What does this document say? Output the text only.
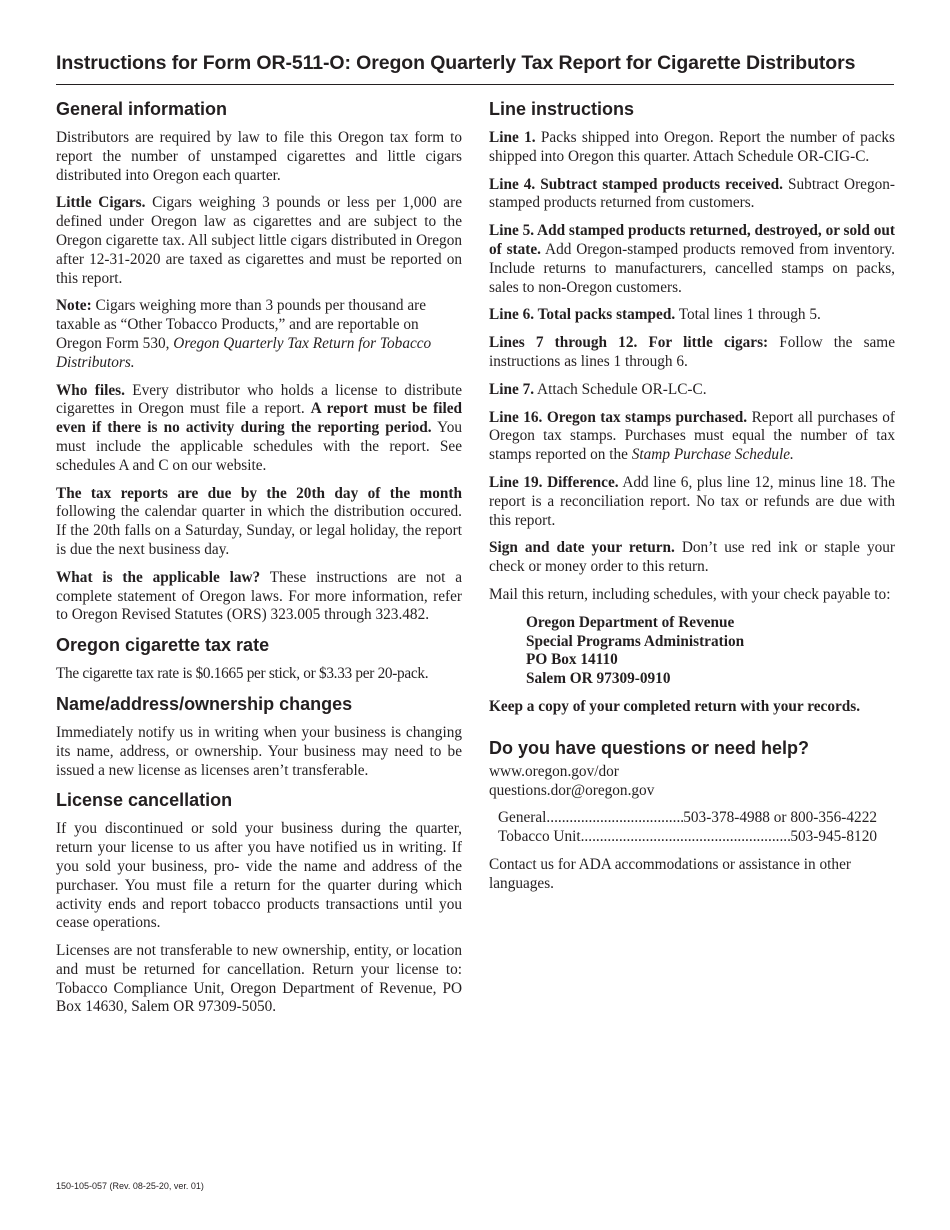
Instructions for Form OR-511-O: Oregon Quarterly Tax Report for Cigarette Distributors
General information

Distributors are required by law to file this Oregon tax form to report the number of unstamped cigarettes and little cigars distributed into Oregon each quarter.

Little Cigars. Cigars weighing 3 pounds or less per 1,000 are defined under Oregon law as cigarettes and are subject to the Oregon cigarette tax. All subject little cigars distributed in Oregon after 12-31-2020 are taxed as cigarettes and must be reported on this report.

Note: Cigars weighing more than 3 pounds per thousand are taxable as “Other Tobacco Products,” and are reportable on Oregon Form 530, Oregon Quarterly Tax Return for Tobacco Distributors.

Who files. Every distributor who holds a license to distribute cigarettes in Oregon must file a report. A report must be filed even if there is no activity during the reporting period. You must include the applicable schedules with the report. See schedules A and C on our website.

The tax reports are due by the 20th day of the month following the calendar quarter in which the distribution occured. If the 20th falls on a Saturday, Sunday, or legal holiday, the report is due the next business day.

What is the applicable law? These instructions are not a complete statement of Oregon laws. For more information, refer to Oregon Revised Statutes (ORS) 323.005 through 323.482.

Oregon cigarette tax rate

The cigarette tax rate is $0.1665 per stick, or $3.33 per 20-pack.

Name/address/ownership changes

Immediately notify us in writing when your business is changing its name, address, or ownership. Your business may need to be issued a new license as licenses aren’t transferable.

License cancellation

If you discontinued or sold your business during the quarter, return your license to us after you have notified us in writing. If you sold your business, pro- vide the name and address of the purchaser. You must file a return for the quarter during which activity ends and report tobacco products transactions until you cease operations.

Licenses are not transferable to new ownership, entity, or location and must be returned for cancellation. Return your license to: Tobacco Compliance Unit, Oregon Department of Revenue, PO Box 14630, Salem OR 97309-5050.

Line instructions

Line 1. Packs shipped into Oregon. Report the number of packs shipped into Oregon this quarter. Attach Schedule OR-CIG-C.

Line 4. Subtract stamped products received. Subtract Oregon-stamped products returned from customers.

Line 5. Add stamped products returned, destroyed, or sold out of state. Add Oregon-stamped products removed from inventory. Include returns to manufacturers, cancelled stamps on packs, sales to non-Oregon customers.

Line 6. Total packs stamped. Total lines 1 through 5.

Lines 7 through 12. For little cigars: Follow the same instructions as lines 1 through 6.

Line 7. Attach Schedule OR-LC-C.

Line 16. Oregon tax stamps purchased. Report all purchases of Oregon tax stamps. Purchases must equal the number of tax stamps reported on the Stamp Purchase Schedule.

Line 19. Difference. Add line 6, plus line 12, minus line 18. The report is a reconciliation report. No tax or refunds are due with this report.

Sign and date your return. Don’t use red ink or staple your check or money order to this return.

Mail this return, including schedules, with your check payable to:

Oregon Department of Revenue
Special Programs Administration
PO Box 14110
Salem OR 97309-0910

Keep a copy of your completed return with your records.

Do you have questions or need help?
www.oregon.gov/dor
questions.dor@oregon.gov
General .....	503-378-4988 or 800-356-4222
Tobacco Unit .....	503-945-8120

Contact us for ADA accommodations or assistance in other languages.

150-105-057 (Rev. 08-25-20, ver. 01)
